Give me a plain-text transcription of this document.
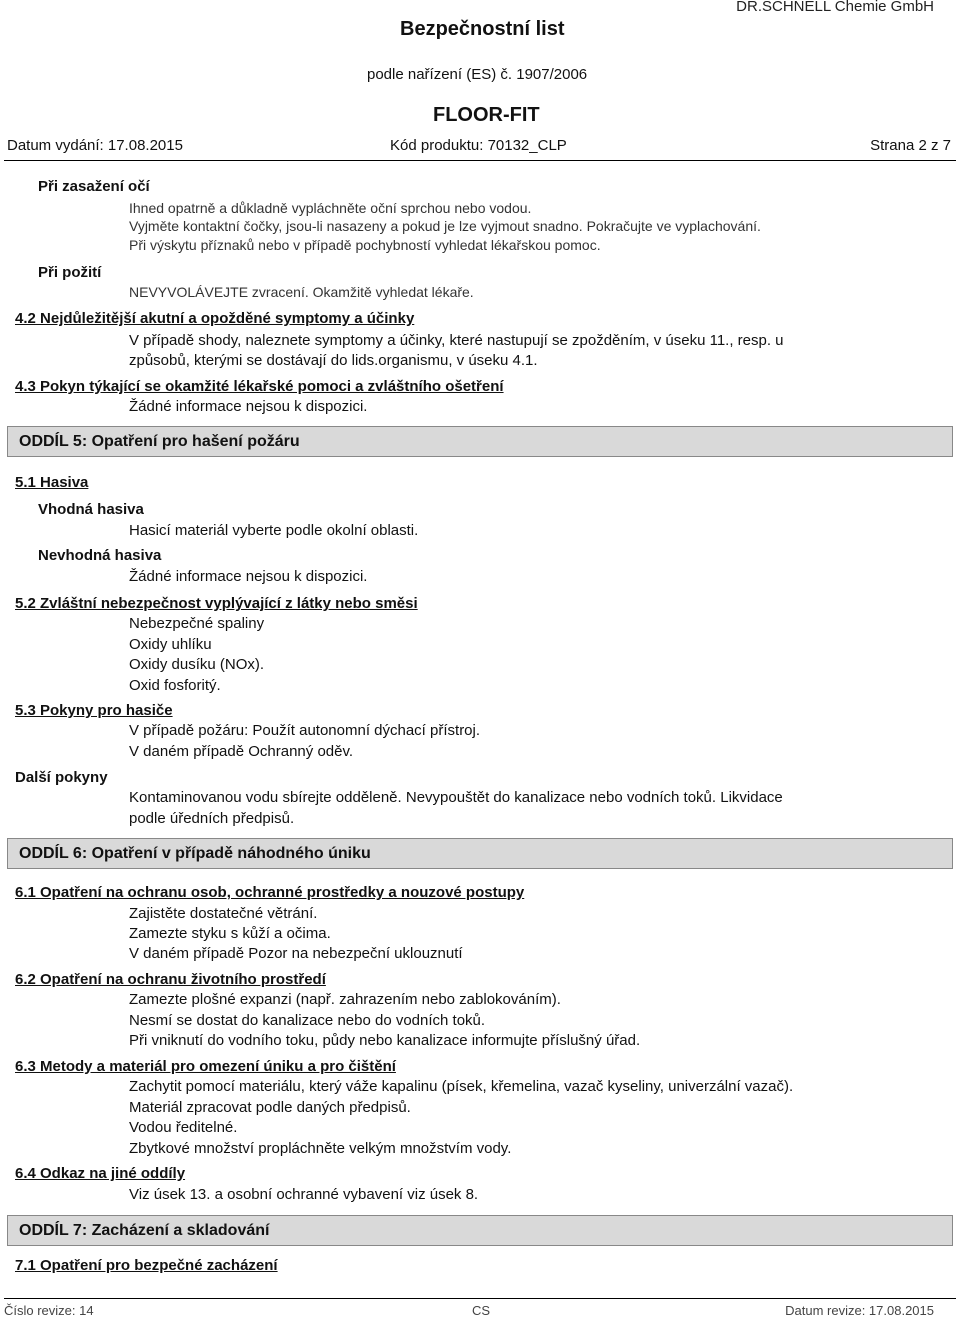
Bezpečnostní list
DR.SCHNELL Chemie GmbH
podle nařízení (ES) č. 1907/2006
FLOOR-FIT
Datum vydání: 17.08.2015	Kód produktu: 70132_CLP	Strana 2 z 7
Při zasažení očí
Ihned opatrně a důkladně vypláchněte oční sprchou nebo vodou.
Vyjměte kontaktní čočky, jsou-li nasazeny a pokud je lze vyjmout snadno. Pokračujte ve vyplachování.
Při výskytu příznaků nebo v případě pochybností vyhledat lékařskou pomoc.
Při požití
NEVYVOLÁVEJTE zvracení. Okamžitě vyhledat lékaře.
4.2 Nejdůležitější akutní a opožděné symptomy a účinky
V případě shody, naleznete symptomy a účinky, které nastupují se zpožděním, v úseku 11., resp. u
způsobů, kterými se dostávají do lids.organismu, v úseku 4.1.
4.3 Pokyn týkající se okamžité lékařské pomoci a zvláštního ošetření
Žádné informace nejsou k dispozici.
ODDÍL 5: Opatření pro hašení požáru
5.1 Hasiva
Vhodná hasiva
Hasicí materiál vyberte podle okolní oblasti.
Nevhodná hasiva
Žádné informace nejsou k dispozici.
5.2 Zvláštní nebezpečnost vyplývající z látky nebo směsi
Nebezpečné spaliny
Oxidy uhlíku
Oxidy dusíku (NOx).
Oxid fosforitý.
5.3 Pokyny pro hasiče
V případě požáru: Použít autonomní dýchací přístroj.
V daném případě Ochranný oděv.
Další pokyny
Kontaminovanou vodu sbírejte odděleně. Nevypouštět do kanalizace nebo vodních toků. Likvidace
podle úředních předpisů.
ODDÍL 6: Opatření v případě náhodného úniku
6.1 Opatření na ochranu osob, ochranné prostředky a nouzové postupy
Zajistěte dostatečné větrání.
Zamezte styku s kůží a očima.
V daném případě Pozor na nebezpeční uklouznutí
6.2 Opatření na ochranu životního prostředí
Zamezte plošné expanzi (např. zahrazením nebo zablokováním).
Nesmí se dostat do kanalizace nebo do vodních toků.
Při vniknutí do vodního toku, půdy nebo kanalizace informujte příslušný úřad.
6.3 Metody a materiál pro omezení úniku a pro čištění
Zachytit pomocí materiálu, který váže kapalinu (písek, křemelina, vazač kyseliny, univerzální vazač).
Materiál zpracovat podle daných předpisů.
Vodou ředitelné.
Zbytkové množství propláchněte velkým množstvím vody.
6.4 Odkaz na jiné oddíly
Viz úsek 13. a osobní ochranné vybavení viz úsek 8.
ODDÍL 7: Zacházení a skladování
7.1 Opatření pro bezpečné zacházení
Číslo revize: 14	CS	Datum revize: 17.08.2015
